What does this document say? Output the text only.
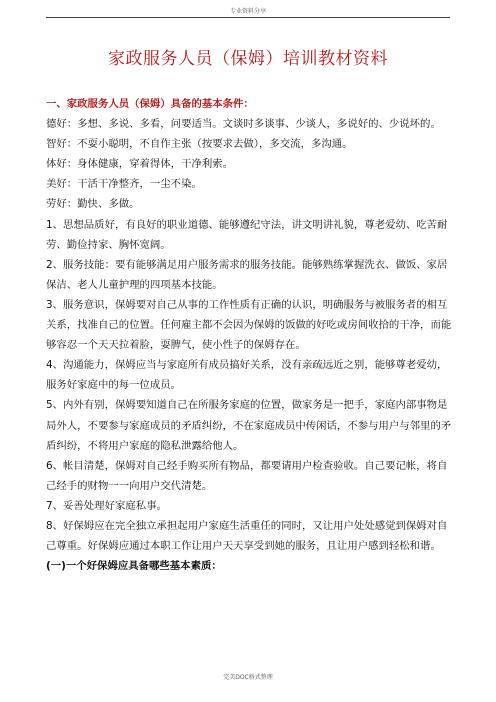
专业资料分享
家政服务人员（保姆）培训教材资料

一、家政服务人员（保姆）具备的基本条件：

德好：多想、多说、多看，问要适当。文谈时多谈事、少谈人，多说好的、少说坏的。

智好：不耍小聪明，不自作主张（按要求去做），多交流，多沟通。

体好：身体健康，穿着得体，干净利索。

美好：干活干净整齐，一尘不染。

劳好：勤快、多做。

1、思想品质好，有良好的职业道德、能够遵纪守法，讲文明讲礼貌，尊老爱幼、吃苦耐劳、勤俭持家、胸怀宽阔。

2、服务技能：要有能够满足用户服务需求的服务技能。能够熟练掌握洗衣、做饭、家居保洁、老人儿童护理的四项基本技能。

3、服务意识，保姆要对自己从事的工作性质有正确的认识，明确服务与被服务者的相互关系，找准自己的位置。任何雇主都不会因为保姆的饭做的好吃或房间收拾的干净，而能够容忍一个天天拉着脸，耍脾气，使小性子的保姆存在。

4、沟通能力，保姆应当与家庭所有成员搞好关系，没有亲疏远近之别，能够尊老爱幼，服务好家庭中的每一位成员。

5、内外有别，保姆要知道自己在所服务家庭的位置，做家务是一把手，家庭内部事物是局外人，不要参与家庭成员的矛盾纠纷，不在家庭成员中传闲话，不参与用户与邻里的矛盾纠纷，不将用户家庭的隐私泄露给他人。

6、帐目清楚，保姆对自己经手购买所有物品，都要请用户检查验收。自己要记帐，将自己经手的财物一一向用户交代清楚。

7、妥善处理好家庭私事。

8、好保姆应在完全独立承担起用户家庭生活重任的同时，又让用户处处感觉到保姆对自己尊重。好保姆应通过本职工作让用户天天享受到她的服务，且让用户感到轻松和谐。

(一)一个好保姆应具备哪些基本素质：

完美DOC格式整理
